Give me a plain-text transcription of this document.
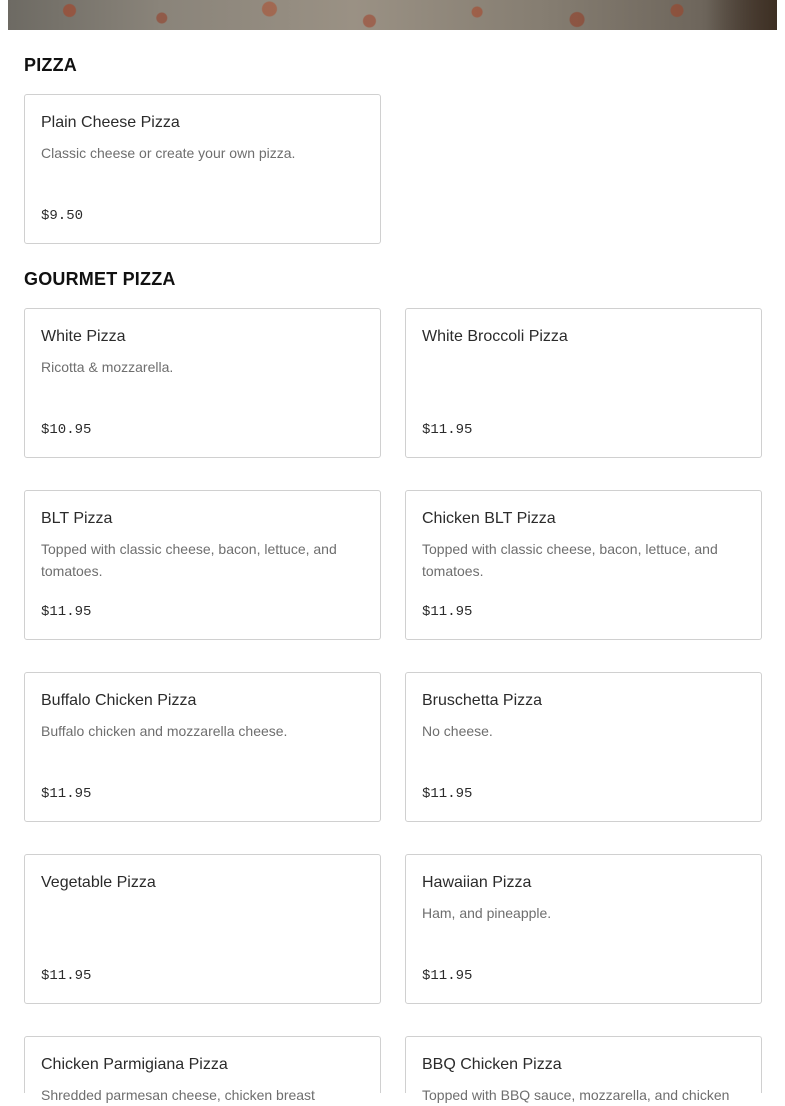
PIZZA
Plain Cheese Pizza
Classic cheese or create your own pizza.
$9.50
GOURMET PIZZA
White Pizza
Ricotta & mozzarella.
$10.95
White Broccoli Pizza
$11.95
BLT Pizza
Topped with classic cheese, bacon, lettuce, and tomatoes.
$11.95
Chicken BLT Pizza
Topped with classic cheese, bacon, lettuce, and tomatoes.
$11.95
Buffalo Chicken Pizza
Buffalo chicken and mozzarella cheese.
$11.95
Bruschetta Pizza
No cheese.
$11.95
Vegetable Pizza
$11.95
Hawaiian Pizza
Ham, and pineapple.
$11.95
Chicken Parmigiana Pizza
Shredded parmesan cheese, chicken breast
BBQ Chicken Pizza
Topped with BBQ sauce, mozzarella, and chicken
